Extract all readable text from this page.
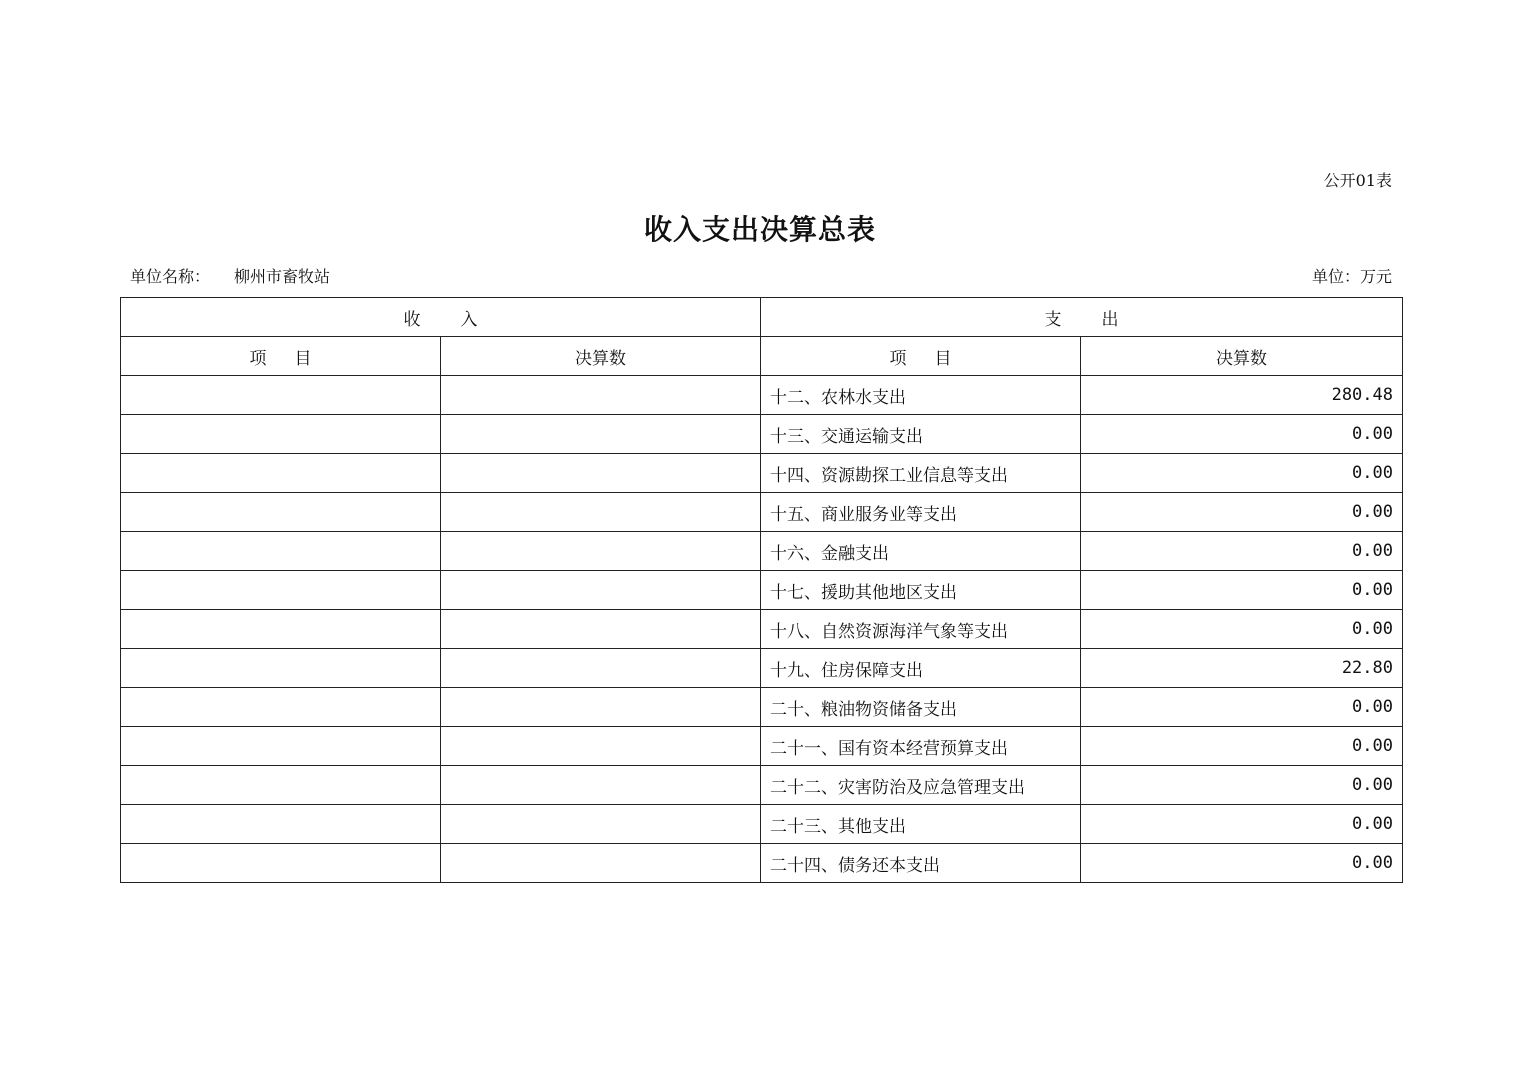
公开01表
收入支出决算总表
单位名称： 柳州市畜牧站	单位：万元
收入		支出	
项目	决算数	项目	决算数
		十二、农林水支出	280.48
		十三、交通运输支出	0.00
		十四、资源勘探工业信息等支出	0.00
		十五、商业服务业等支出	0.00
		十六、金融支出	0.00
		十七、援助其他地区支出	0.00
		十八、自然资源海洋气象等支出	0.00
		十九、住房保障支出	22.80
		二十、粮油物资储备支出	0.00
		二十一、国有资本经营预算支出	0.00
		二十二、灾害防治及应急管理支出	0.00
		二十三、其他支出	0.00
		二十四、债务还本支出	0.00
